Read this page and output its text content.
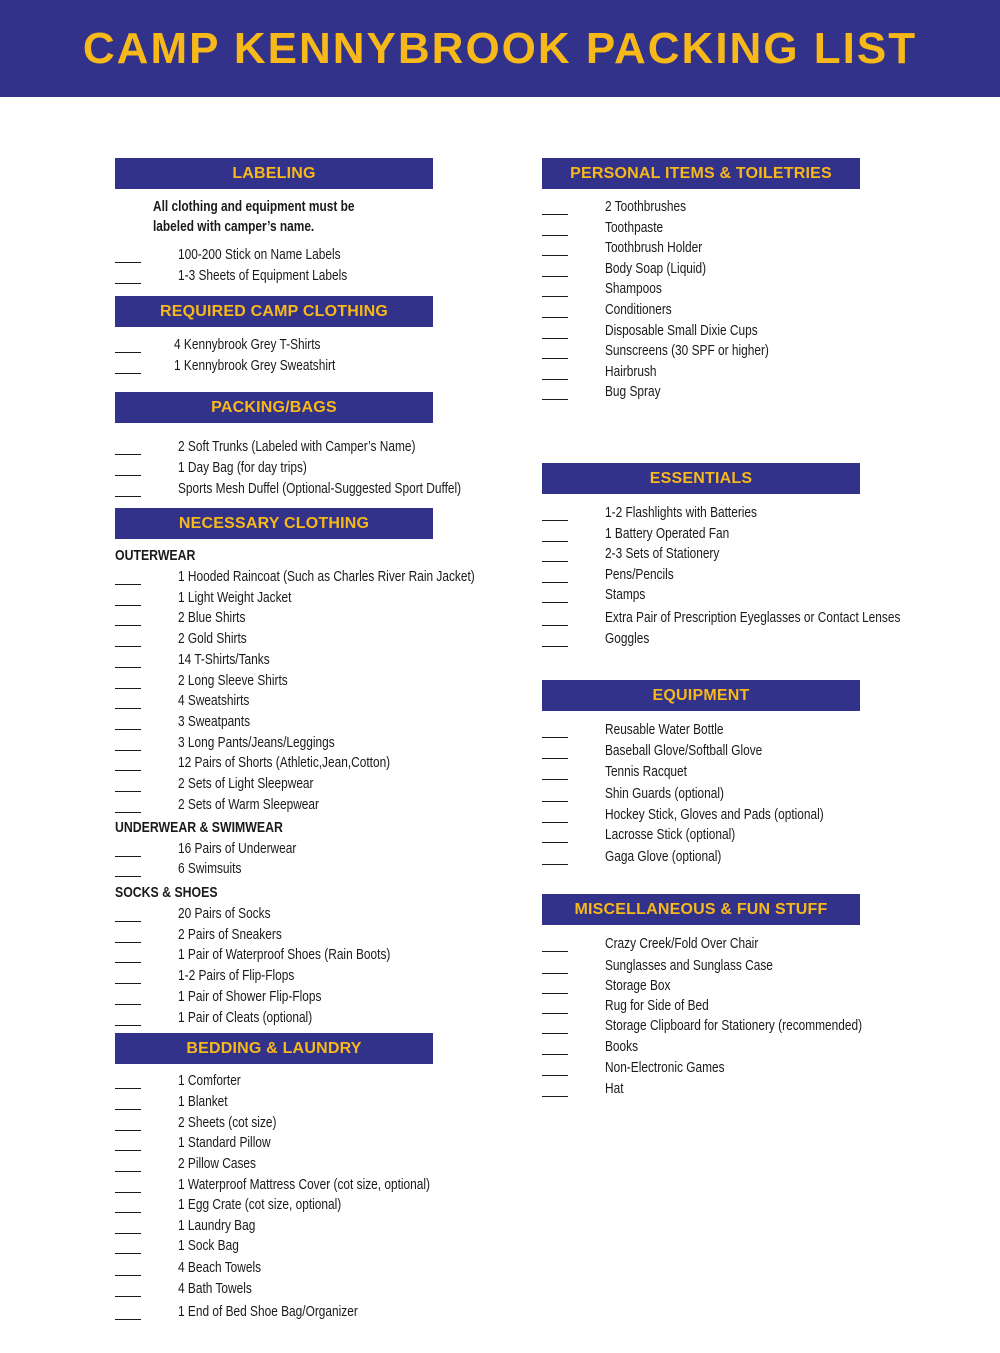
CAMP KENNYBROOK PACKING LIST
LABELING
All clothing and equipment must be
labeled with camper’s name.
100-200 Stick on Name Labels
1-3 Sheets of Equipment Labels
REQUIRED CAMP CLOTHING
4 Kennybrook Grey T-Shirts
1 Kennybrook Grey Sweatshirt
PACKING/BAGS
2 Soft Trunks (Labeled with Camper’s Name)
1 Day Bag (for day trips)
Sports Mesh Duffel (Optional-Suggested Sport Duffel)
NECESSARY CLOTHING
OUTERWEAR
1 Hooded Raincoat (Such as Charles River Rain Jacket)
1 Light Weight Jacket
2 Blue Shirts
2 Gold Shirts
14 T-Shirts/Tanks
2 Long Sleeve Shirts
4 Sweatshirts
3 Sweatpants
3 Long Pants/Jeans/Leggings
12 Pairs of Shorts (Athletic,Jean,Cotton)
2 Sets of Light Sleepwear
2 Sets of Warm Sleepwear
UNDERWEAR & SWIMWEAR
16 Pairs of Underwear
6 Swimsuits
SOCKS & SHOES
20 Pairs of Socks
2 Pairs of Sneakers
1 Pair of Waterproof Shoes (Rain Boots)
1-2 Pairs of Flip-Flops
1 Pair of Shower Flip-Flops
1 Pair of Cleats (optional)
BEDDING & LAUNDRY
1 Comforter
1 Blanket
2 Sheets (cot size)
1 Standard Pillow
2 Pillow Cases
1 Waterproof Mattress Cover (cot size, optional)
1 Egg Crate (cot size, optional)
1 Laundry Bag
1 Sock Bag
4 Beach Towels
4 Bath Towels
1 End of Bed Shoe Bag/Organizer
PERSONAL ITEMS & TOILETRIES
2 Toothbrushes
Toothpaste
Toothbrush Holder
Body Soap (Liquid)
Shampoos
Conditioners
Disposable Small Dixie Cups
Sunscreens (30 SPF or higher)
Hairbrush
Bug Spray
ESSENTIALS
1-2 Flashlights with Batteries
1 Battery Operated Fan
2-3 Sets of Stationery
Pens/Pencils
Stamps
Extra Pair of Prescription Eyeglasses or Contact Lenses
Goggles
EQUIPMENT
Reusable Water Bottle
Baseball Glove/Softball Glove
Tennis Racquet
Shin Guards (optional)
Hockey Stick, Gloves and Pads (optional)
Lacrosse Stick (optional)
Gaga Glove (optional)
MISCELLANEOUS & FUN STUFF
Crazy Creek/Fold Over Chair
Sunglasses and Sunglass Case
Storage Box
Rug for Side of Bed
Storage Clipboard for Stationery (recommended)
Books
Non-Electronic Games
Hat
